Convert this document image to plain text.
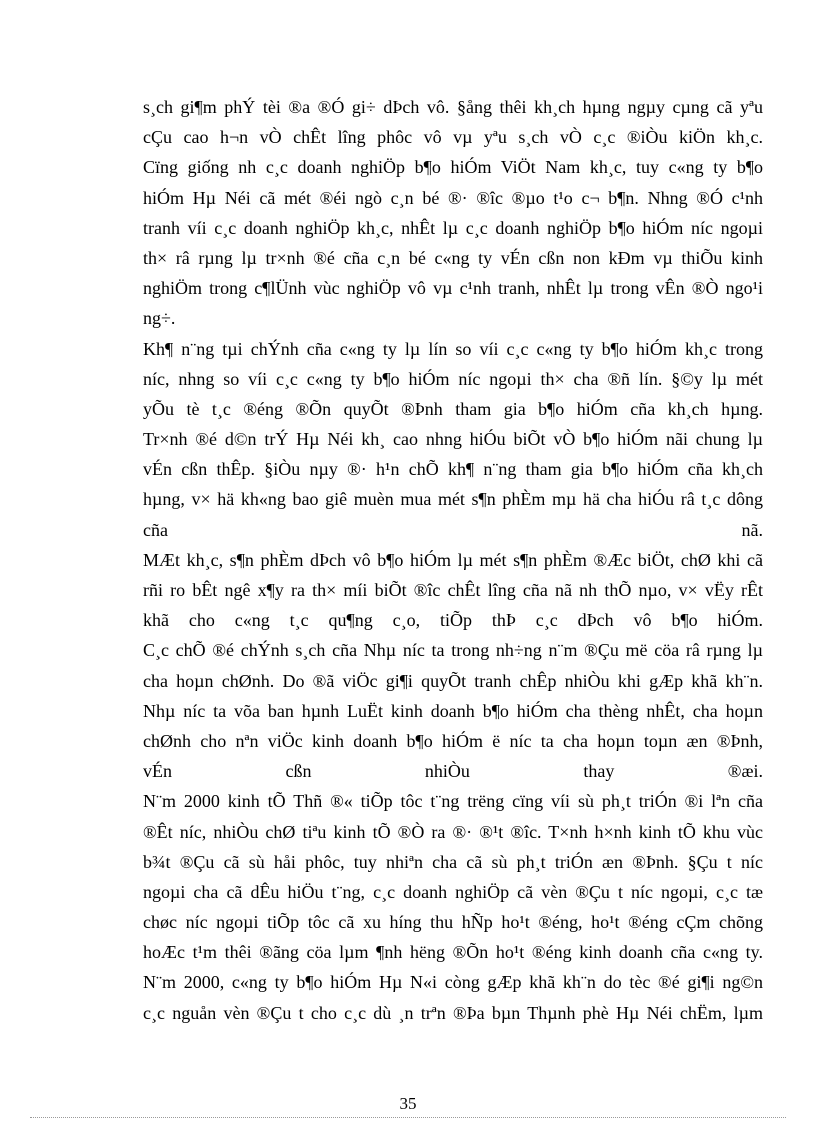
s¸ch gi¶m phÝ tèi ®a ®Ó gi÷ dÞch vô. §ång thêi kh¸ch hµng ngµy cµng cã yªu
cÇu cao h¬n vÒ chÊt lîng phôc vô vµ yªu s¸ch vÒ c¸c ®iÒu kiÖn kh¸c.
Cïng giống nh c¸c doanh nghiÖp b¶o hiÓm ViÖt Nam kh¸c, tuy c«ng ty b¶o
hiÓm Hµ Néi cã mét ®éi ngò c¸n bé ®· ®îc ®µo t¹o c¬ b¶n. Nhng ®Ó c¹nh
tranh víi c¸c doanh nghiÖp kh¸c, nhÊt lµ c¸c doanh nghiÖp b¶o hiÓm níc ngoµi
th× râ rµng lµ tr×nh ®é cña c¸n bé c«ng ty vÉn cßn non kÐm vµ thiÕu kinh
nghiÖm trong c¶lÜnh vùc nghiÖp vô vµ c¹nh tranh, nhÊt lµ trong vÊn ®Ò ngo¹i
ng÷.
Kh¶ n¨ng tµi chÝnh cña c«ng ty lµ lín so víi c¸c c«ng ty b¶o hiÓm kh¸c trong
níc, nhng so víi c¸c c«ng ty b¶o hiÓm níc ngoµi th× cha ®ñ lín. §©y lµ mét
yÕu tè t¸c ®éng ®Õn quyÕt ®Þnh tham gia b¶o hiÓm cña kh¸ch hµng.
Tr×nh ®é d©n trÝ Hµ Néi kh¸ cao nhng hiÓu biÕt vÒ b¶o hiÓm nãi chung lµ
vÉn cßn thÊp. §iÒu nµy ®· h¹n chÕ kh¶ n¨ng tham gia b¶o hiÓm cña kh¸ch
hµng, v× hä kh«ng bao giê muèn mua mét s¶n phÈm mµ hä cha hiÓu râ t¸c dông
cña nã.
MÆt kh¸c, s¶n phÈm dÞch vô b¶o hiÓm lµ mét s¶n phÈm ®Æc biÖt, chØ khi cã
rñi ro bÊt ngê x¶y ra th× míi biÕt ®îc chÊt lîng cña nã nh thÕ nµo, v× vËy rÊt
khã cho c«ng t¸c qu¶ng c¸o, tiÕp thÞ c¸c dÞch vô b¶o hiÓm.
C¸c chÕ ®é chÝnh s¸ch cña Nhµ níc ta trong nh÷ng n¨m ®Çu më cöa râ rµng lµ
cha hoµn chØnh. Do ®ã viÖc gi¶i quyÕt tranh chÊp nhiÒu khi gÆp khã kh¨n.
Nhµ níc ta võa ban hµnh LuËt kinh doanh b¶o hiÓm cha thèng nhÊt, cha hoµn
chØnh cho nªn viÖc kinh doanh b¶o hiÓm ë níc ta cha hoµn toµn æn ®Þnh,
vÉn cßn nhiÒu thay ®æi.
N¨m 2000 kinh tÕ Thñ ®« tiÕp tôc t¨ng trëng cïng víi sù ph¸t triÓn ®i lªn cña
®Êt níc, nhiÒu chØ tiªu kinh tÕ ®Ò ra ®· ®¹t ®îc. T×nh h×nh kinh tÕ khu vùc
b¾t ®Çu cã sù håi phôc, tuy nhiªn cha cã sù ph¸t triÓn æn ®Þnh. §Çu t níc
ngoµi cha cã dÊu hiÖu t¨ng, c¸c doanh nghiÖp cã vèn ®Çu t níc ngoµi, c¸c tæ
chøc níc ngoµi tiÕp tôc cã xu híng thu hÑp ho¹t ®éng, ho¹t ®éng cÇm chõng
hoÆc t¹m thêi ®ãng cöa lµm ¶nh hëng ®Õn ho¹t ®éng kinh doanh cña c«ng ty.
N¨m 2000, c«ng ty b¶o hiÓm Hµ N«i còng gÆp khã kh¨n do tèc ®é gi¶i ng©n
c¸c nguån vèn ®Çu t cho c¸c dù ¸n trªn ®Þa bµn Thµnh phè Hµ Néi chËm, lµm
35
